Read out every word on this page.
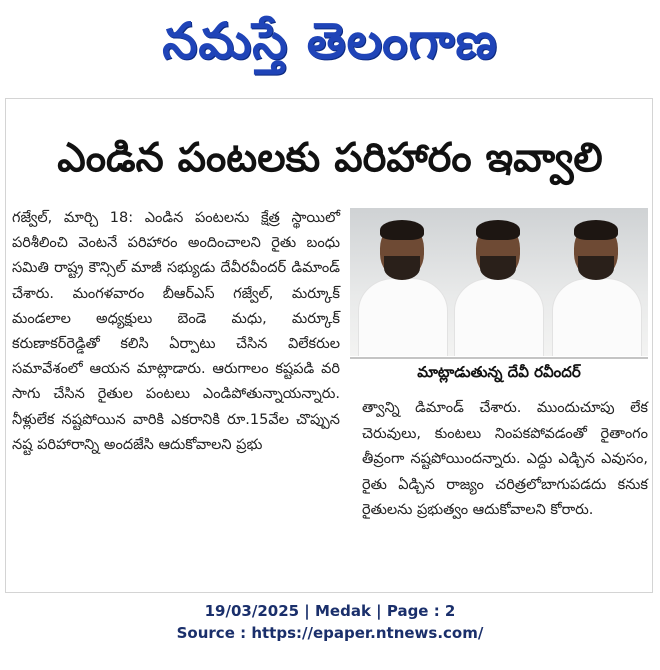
నమస్తే తెలంగాణ
ఎండిన పంటలకు పరిహారం ఇవ్వాలి

గజ్వేల్, మార్చి 18: ఎండిన పంటలను క్షేత్ర స్థాయిలో పరిశీలించి వెంటనే పరిహారం అందించాలని రైతు బంధు సమితి రాష్ట్ర కౌన్సిల్ మాజీ సభ్యుడు దేవీరవీందర్ డిమాండ్ చేశారు. మంగళవారం బీఆర్ఎస్ గజ్వేల్, మర్కూక్ మండలాల అధ్యక్షులు బెండె మధు, మర్కూక్ కరుణాకర్‌రెడ్డితో కలిసి ఏర్పాటు చేసిన విలేకరుల సమావేశంలో ఆయన మాట్లాడారు. ఆరుగాలం కష్టపడి వరి సాగు చేసిన రైతుల పంటలు ఎండిపోతున్నాయన్నారు. నీళ్లులేక నష్టపోయిన వారికి ఎకరానికి రూ.15వేల చొప్పున నష్ట పరిహారాన్ని అందజేసి ఆదుకోవాలని ప్రభు

మాట్లాడుతున్న దేవీ రవీందర్

త్వాన్ని డిమాండ్ చేశారు. ముందుచూపు లేక చెరువులు, కుంటలు నింపకపోవడంతో రైతాంగం తీవ్రంగా నష్టపోయిందన్నారు. ఎద్దు ఎడ్చిన ఎవుసం, రైతు ఏడ్చిన రాజ్యం చరిత్రలోబాగుపడదు కనుక రైతులను ప్రభుత్వం ఆదుకోవాలని కోరారు.

19/03/2025 | Medak | Page : 2
Source : https://epaper.ntnews.com/
